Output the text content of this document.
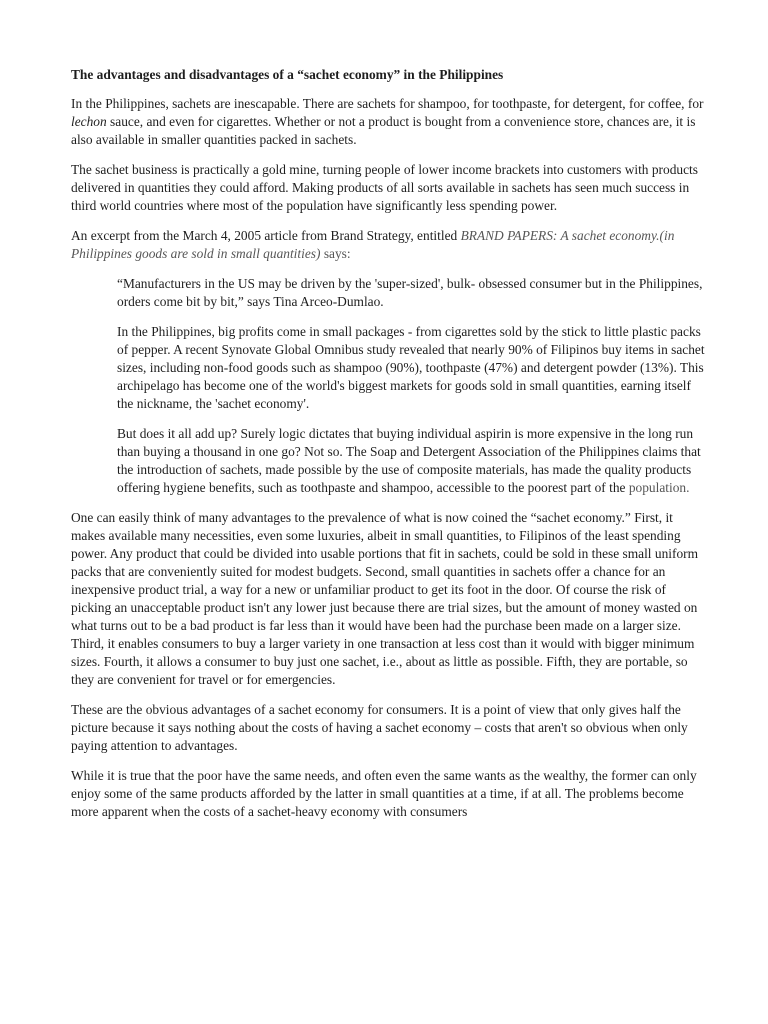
The advantages and disadvantages of a “sachet economy” in the Philippines

In the Philippines, sachets are inescapable. There are sachets for shampoo, for toothpaste, for detergent, for coffee, for lechon sauce, and even for cigarettes. Whether or not a product is bought from a convenience store, chances are, it is also available in smaller quantities packed in sachets.

The sachet business is practically a gold mine, turning people of lower income brackets into customers with products delivered in quantities they could afford. Making products of all sorts available in sachets has seen much success in third world countries where most of the population have significantly less spending power.

An excerpt from the March 4, 2005 article from Brand Strategy, entitled BRAND PAPERS: A sachet economy.(in Philippines goods are sold in small quantities) says:

“Manufacturers in the US may be driven by the 'super-sized', bulk- obsessed consumer but in the Philippines, orders come bit by bit,” says Tina Arceo-Dumlao.

In the Philippines, big profits come in small packages - from cigarettes sold by the stick to little plastic packs of pepper. A recent Synovate Global Omnibus study revealed that nearly 90% of Filipinos buy items in sachet sizes, including non-food goods such as shampoo (90%), toothpaste (47%) and detergent powder (13%). This archipelago has become one of the world's biggest markets for goods sold in small quantities, earning itself the nickname, the 'sachet economy'.

But does it all add up? Surely logic dictates that buying individual aspirin is more expensive in the long run than buying a thousand in one go? Not so. The Soap and Detergent Association of the Philippines claims that the introduction of sachets, made possible by the use of composite materials, has made the quality products offering hygiene benefits, such as toothpaste and shampoo, accessible to the poorest part of the population.

One can easily think of many advantages to the prevalence of what is now coined the “sachet economy.” First, it makes available many necessities, even some luxuries, albeit in small quantities, to Filipinos of the least spending power. Any product that could be divided into usable portions that fit in sachets, could be sold in these small uniform packs that are conveniently suited for modest budgets. Second, small quantities in sachets offer a chance for an inexpensive product trial, a way for a new or unfamiliar product to get its foot in the door. Of course the risk of picking an unacceptable product isn't any lower just because there are trial sizes, but the amount of money wasted on what turns out to be a bad product is far less than it would have been had the purchase been made on a larger size. Third, it enables consumers to buy a larger variety in one transaction at less cost than it would with bigger minimum sizes. Fourth, it allows a consumer to buy just one sachet, i.e., about as little as possible. Fifth, they are portable, so they are convenient for travel or for emergencies.

These are the obvious advantages of a sachet economy for consumers. It is a point of view that only gives half the picture because it says nothing about the costs of having a sachet economy – costs that aren't so obvious when only paying attention to advantages.

While it is true that the poor have the same needs, and often even the same wants as the wealthy, the former can only enjoy some of the same products afforded by the latter in small quantities at a time, if at all. The problems become more apparent when the costs of a sachet-heavy economy with consumers
